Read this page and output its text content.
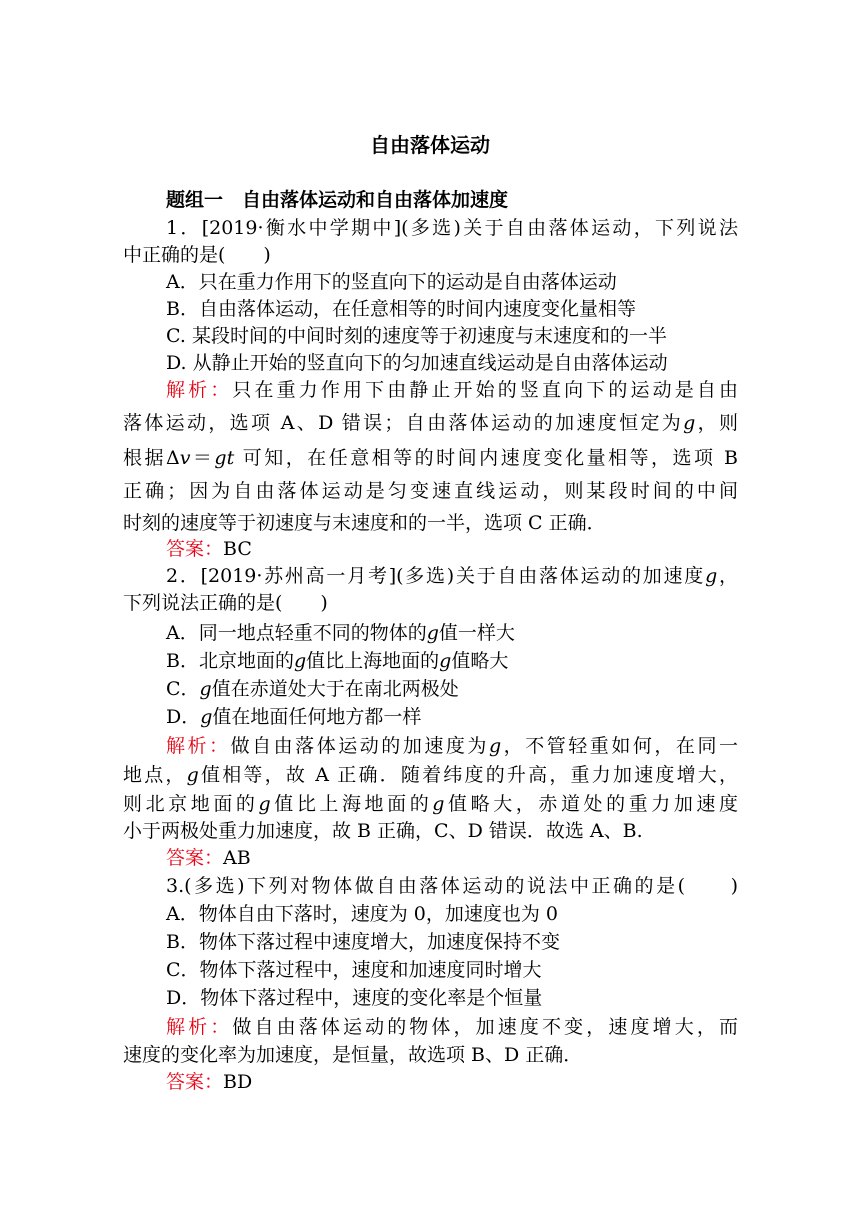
自由落体运动
题组一　自由落体运动和自由落体加速度
1．[2019·衡水中学期中](多选)关于自由落体运动，下列说法
中正确的是(　　)
A．只在重力作用下的竖直向下的运动是自由落体运动
B．自由落体运动，在任意相等的时间内速度变化量相等
C. 某段时间的中间时刻的速度等于初速度与末速度和的一半
D. 从静止开始的竖直向下的匀加速直线运动是自由落体运动
解析：只在重力作用下由静止开始的竖直向下的运动是自由
落体运动，选项 A、D 错误；自由落体运动的加速度恒定为g，则
根据Δv＝gt 可知，在任意相等的时间内速度变化量相等，选项 B
正确；因为自由落体运动是匀变速直线运动，则某段时间的中间
时刻的速度等于初速度与末速度和的一半，选项 C 正确．
答案：BC
2．[2019·苏州高一月考](多选)关于自由落体运动的加速度g，
下列说法正确的是(　　)
A．同一地点轻重不同的物体的g值一样大
B．北京地面的g值比上海地面的g值略大
C．g值在赤道处大于在南北两极处
D．g值在地面任何地方都一样
解析：做自由落体运动的加速度为g，不管轻重如何，在同一
地点，g值相等，故 A 正确．随着纬度的升高，重力加速度增大，
则北京地面的g值比上海地面的g值略大，赤道处的重力加速度
小于两极处重力加速度，故 B 正确，C、D 错误．故选 A、B.
答案：AB
3.(多选)下列对物体做自由落体运动的说法中正确的是(　　)
A．物体自由下落时，速度为 0，加速度也为 0
B．物体下落过程中速度增大，加速度保持不变
C．物体下落过程中，速度和加速度同时增大
D．物体下落过程中，速度的变化率是个恒量
解析：做自由落体运动的物体，加速度不变，速度增大，而
速度的变化率为加速度，是恒量，故选项 B、D 正确．
答案：BD
